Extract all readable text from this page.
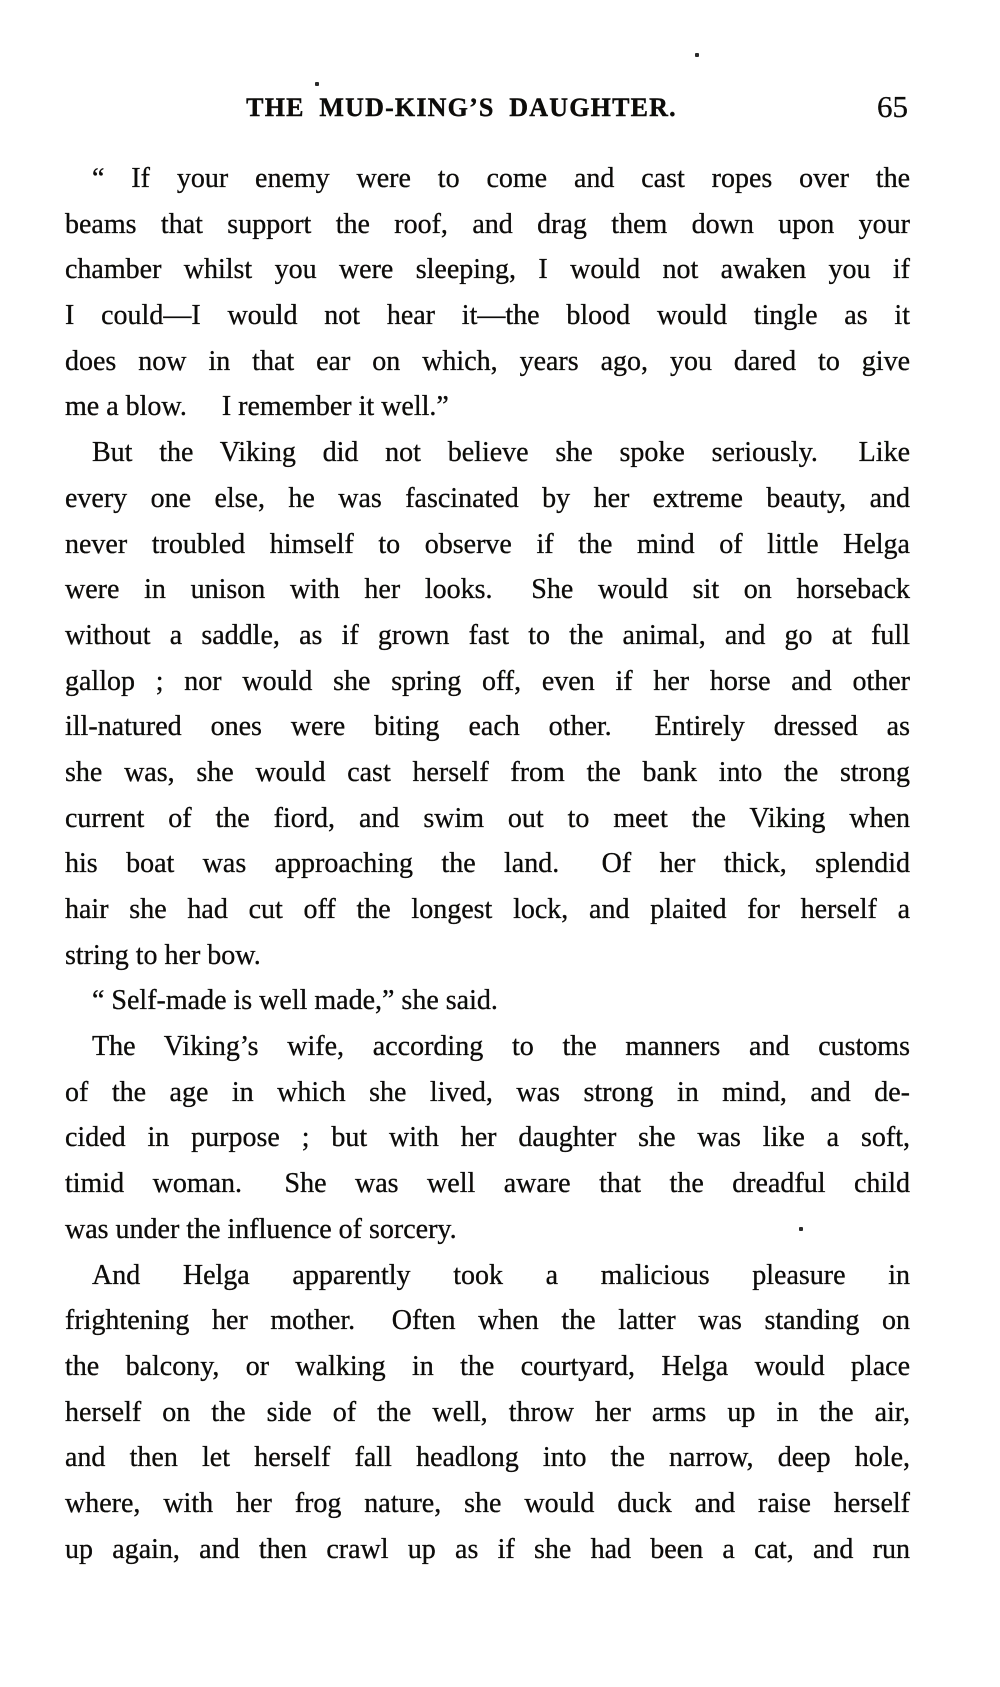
THE MUD-KING’S DAUGHTER.	65
“ If your enemy were to come and cast ropes over the
beams that support the roof, and drag them down upon your
chamber whilst you were sleeping, I would not awaken you if
I could—I would not hear it—the blood would tingle as it
does now in that ear on which, years ago, you dared to give
me a blow.  I remember it well.”
But the Viking did not believe she spoke seriously.  Like
every one else, he was fascinated by her extreme beauty, and
never troubled himself to observe if the mind of little Helga
were in unison with her looks.  She would sit on horseback
without a saddle, as if grown fast to the animal, and go at full
gallop ; nor would she spring off, even if her horse and other
ill-natured ones were biting each other.  Entirely dressed as
she was, she would cast herself from the bank into the strong
current of the fiord, and swim out to meet the Viking when
his boat was approaching the land.  Of her thick, splendid
hair she had cut off the longest lock, and plaited for herself a
string to her bow.
“ Self-made is well made,” she said.
The Viking’s wife, according to the manners and customs
of the age in which she lived, was strong in mind, and de-
cided in purpose ; but with her daughter she was like a soft,
timid woman.  She was well aware that the dreadful child
was under the influence of sorcery.
And Helga apparently took a malicious pleasure in
frightening her mother.  Often when the latter was standing on
the balcony, or walking in the courtyard, Helga would place
herself on the side of the well, throw her arms up in the air,
and then let herself fall headlong into the narrow, deep hole,
where, with her frog nature, she would duck and raise herself
up again, and then crawl up as if she had been a cat, and run
